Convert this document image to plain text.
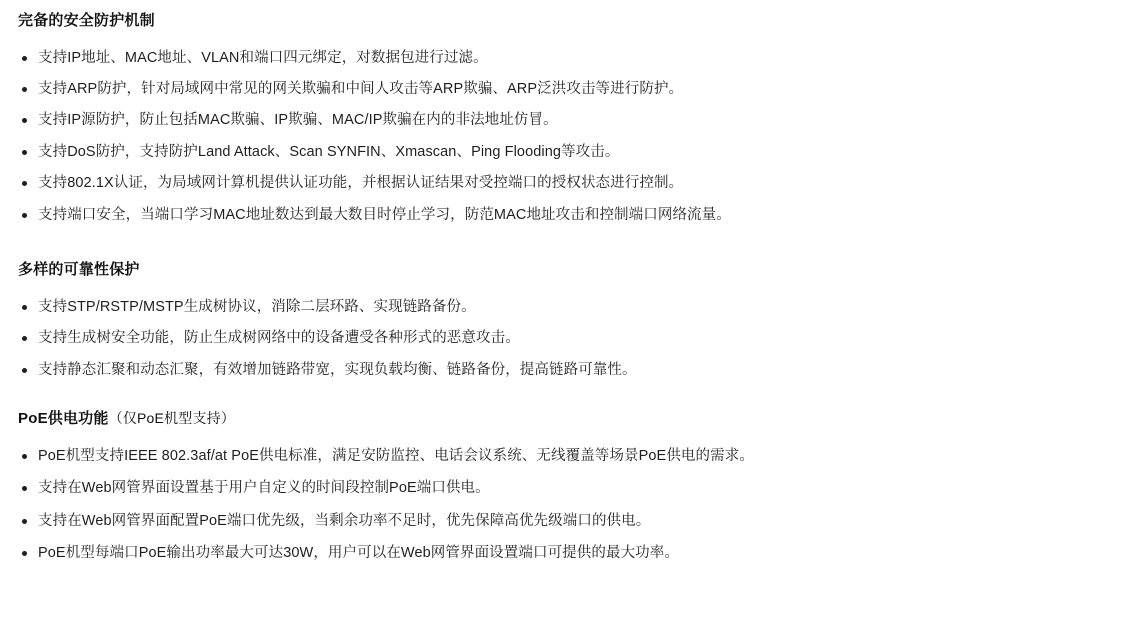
完备的安全防护机制
支持IP地址、MAC地址、VLAN和端口四元绑定，对数据包进行过滤。
支持ARP防护，针对局域网中常见的网关欺骗和中间人攻击等ARP欺骗、ARP泛洪攻击等进行防护。
支持IP源防护，防止包括MAC欺骗、IP欺骗、MAC/IP欺骗在内的非法地址仿冒。
支持DoS防护，支持防护Land Attack、Scan SYNFIN、Xmascan、Ping Flooding等攻击。
支持802.1X认证，为局域网计算机提供认证功能，并根据认证结果对受控端口的授权状态进行控制。
支持端口安全，当端口学习MAC地址数达到最大数目时停止学习，防范MAC地址攻击和控制端口网络流量。
多样的可靠性保护
支持STP/RSTP/MSTP生成树协议，消除二层环路、实现链路备份。
支持生成树安全功能，防止生成树网络中的设备遭受各种形式的恶意攻击。
支持静态汇聚和动态汇聚，有效增加链路带宽，实现负载均衡、链路备份，提高链路可靠性。
PoE供电功能（仅PoE机型支持）
PoE机型支持IEEE 802.3af/at PoE供电标准，满足安防监控、电话会议系统、无线覆盖等场景PoE供电的需求。
支持在Web网管界面设置基于用户自定义的时间段控制PoE端口供电。
支持在Web网管界面配置PoE端口优先级，当剩余功率不足时，优先保障高优先级端口的供电。
PoE机型每端口PoE输出功率最大可达30W，用户可以在Web网管界面设置端口可提供的最大功率。
